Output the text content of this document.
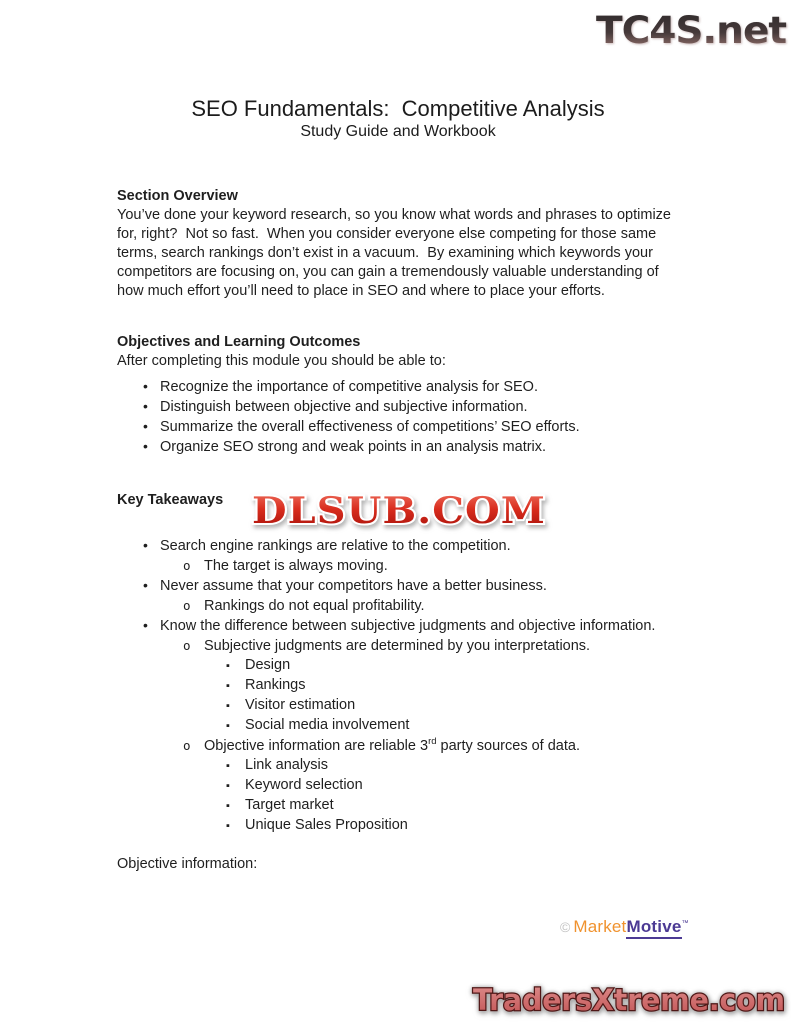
TC4S.net
SEO Fundamentals:  Competitive Analysis
Study Guide and Workbook
Section Overview
You’ve done your keyword research, so you know what words and phrases to optimize for, right?  Not so fast.  When you consider everyone else competing for those same terms, search rankings don’t exist in a vacuum.  By examining which keywords your competitors are focusing on, you can gain a tremendously valuable understanding of how much effort you’ll need to place in SEO and where to place your efforts.
Objectives and Learning Outcomes
After completing this module you should be able to:
• Recognize the importance of competitive analysis for SEO.
• Distinguish between objective and subjective information.
• Summarize the overall effectiveness of competitions’ SEO efforts.
• Organize SEO strong and weak points in an analysis matrix.
Key Takeaways
• Search engine rankings are relative to the competition.
o The target is always moving.
• Never assume that your competitors have a better business.
o Rankings do not equal profitability.
• Know the difference between subjective judgments and objective information.
o Subjective judgments are determined by you interpretations.
▪	Design
▪	Rankings
▪	Visitor estimation
▪	Social media involvement
o Objective information are reliable 3rd party sources of data.
▪	Link analysis
▪	Keyword selection
▪	Target market
▪	Unique Sales Proposition
Objective information:
DLSUB.COM
© Market Motive ™
TradersXtreme.com
